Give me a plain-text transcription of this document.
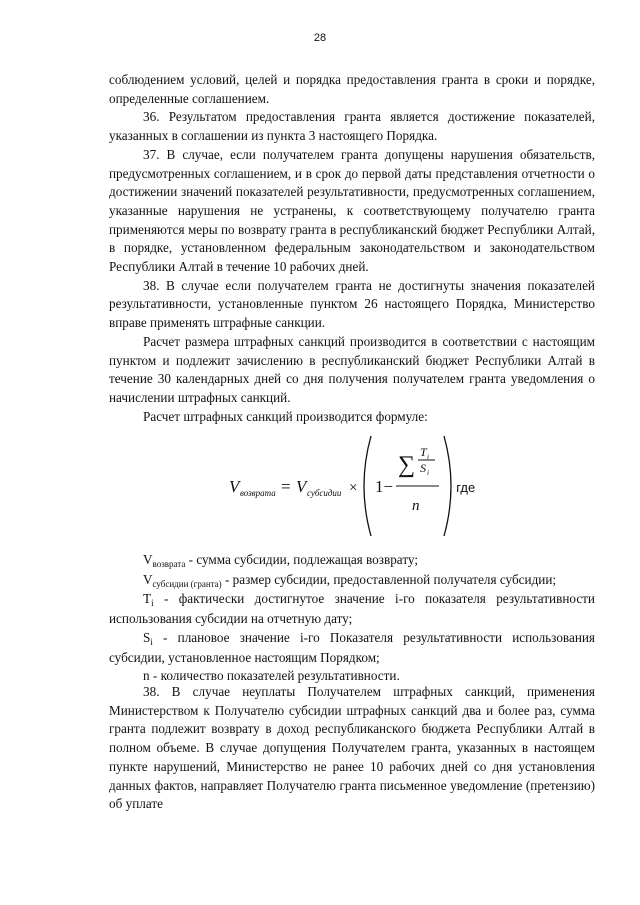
28

соблюдением условий, целей и порядка предоставления гранта в сроки и порядке, определенные соглашением.

36. Результатом предоставления гранта является достижение показателей, указанных в соглашении из пункта 3 настоящего Порядка.

37. В случае, если получателем гранта допущены нарушения обязательств, предусмотренных соглашением, и в срок до первой даты представления отчетности о достижении значений показателей результативности, предусмотренных соглашением, указанные нарушения не устранены, к соответствующему получателю гранта применяются меры по возврату гранта в республиканский бюджет Республики Алтай, в порядке, установленном федеральным законодательством и законодательством Республики Алтай в течение 10 рабочих дней.

38. В случае если получателем гранта не достигнуты значения показателей результативности, установленные пунктом 26 настоящего Порядка, Министерство вправе применять штрафные санкции.

Расчет размера штрафных санкций производится в соответствии с настоящим пунктом и подлежит зачислению в республиканский бюджет Республики Алтай в течение 30 календарных дней со дня получения получателем гранта уведомления о начислении штрафных санкций.

Расчет штрафных санкций производится формуле:

V возврата = V субсидии × 1−
∑ T i
S i
n
, где

$V_{возврата}$ - сумма субсидии, подлежащая возврату;

$V_{субсидии (гранта)}$ - размер субсидии, предоставленной получателя субсидии;

$T_i$ - фактически достигнутое значение i-го показателя результативности использования субсидии на отчетную дату;

$S_i$ - плановое значение i-го Показателя результативности использования субсидии, установленное настоящим Порядком;

n - количество показателей результативности.

38. В случае неуплаты Получателем штрафных санкций, применения Министерством к Получателю субсидии штрафных санкций два и более раз, сумма гранта подлежит возврату в доход республиканского бюджета Республики Алтай в полном объеме. В случае допущения Получателем гранта, указанных в настоящем пункте нарушений, Министерство не ранее 10 рабочих дней со дня установления данных фактов, направляет Получателю гранта письменное уведомление (претензию) об уплате
